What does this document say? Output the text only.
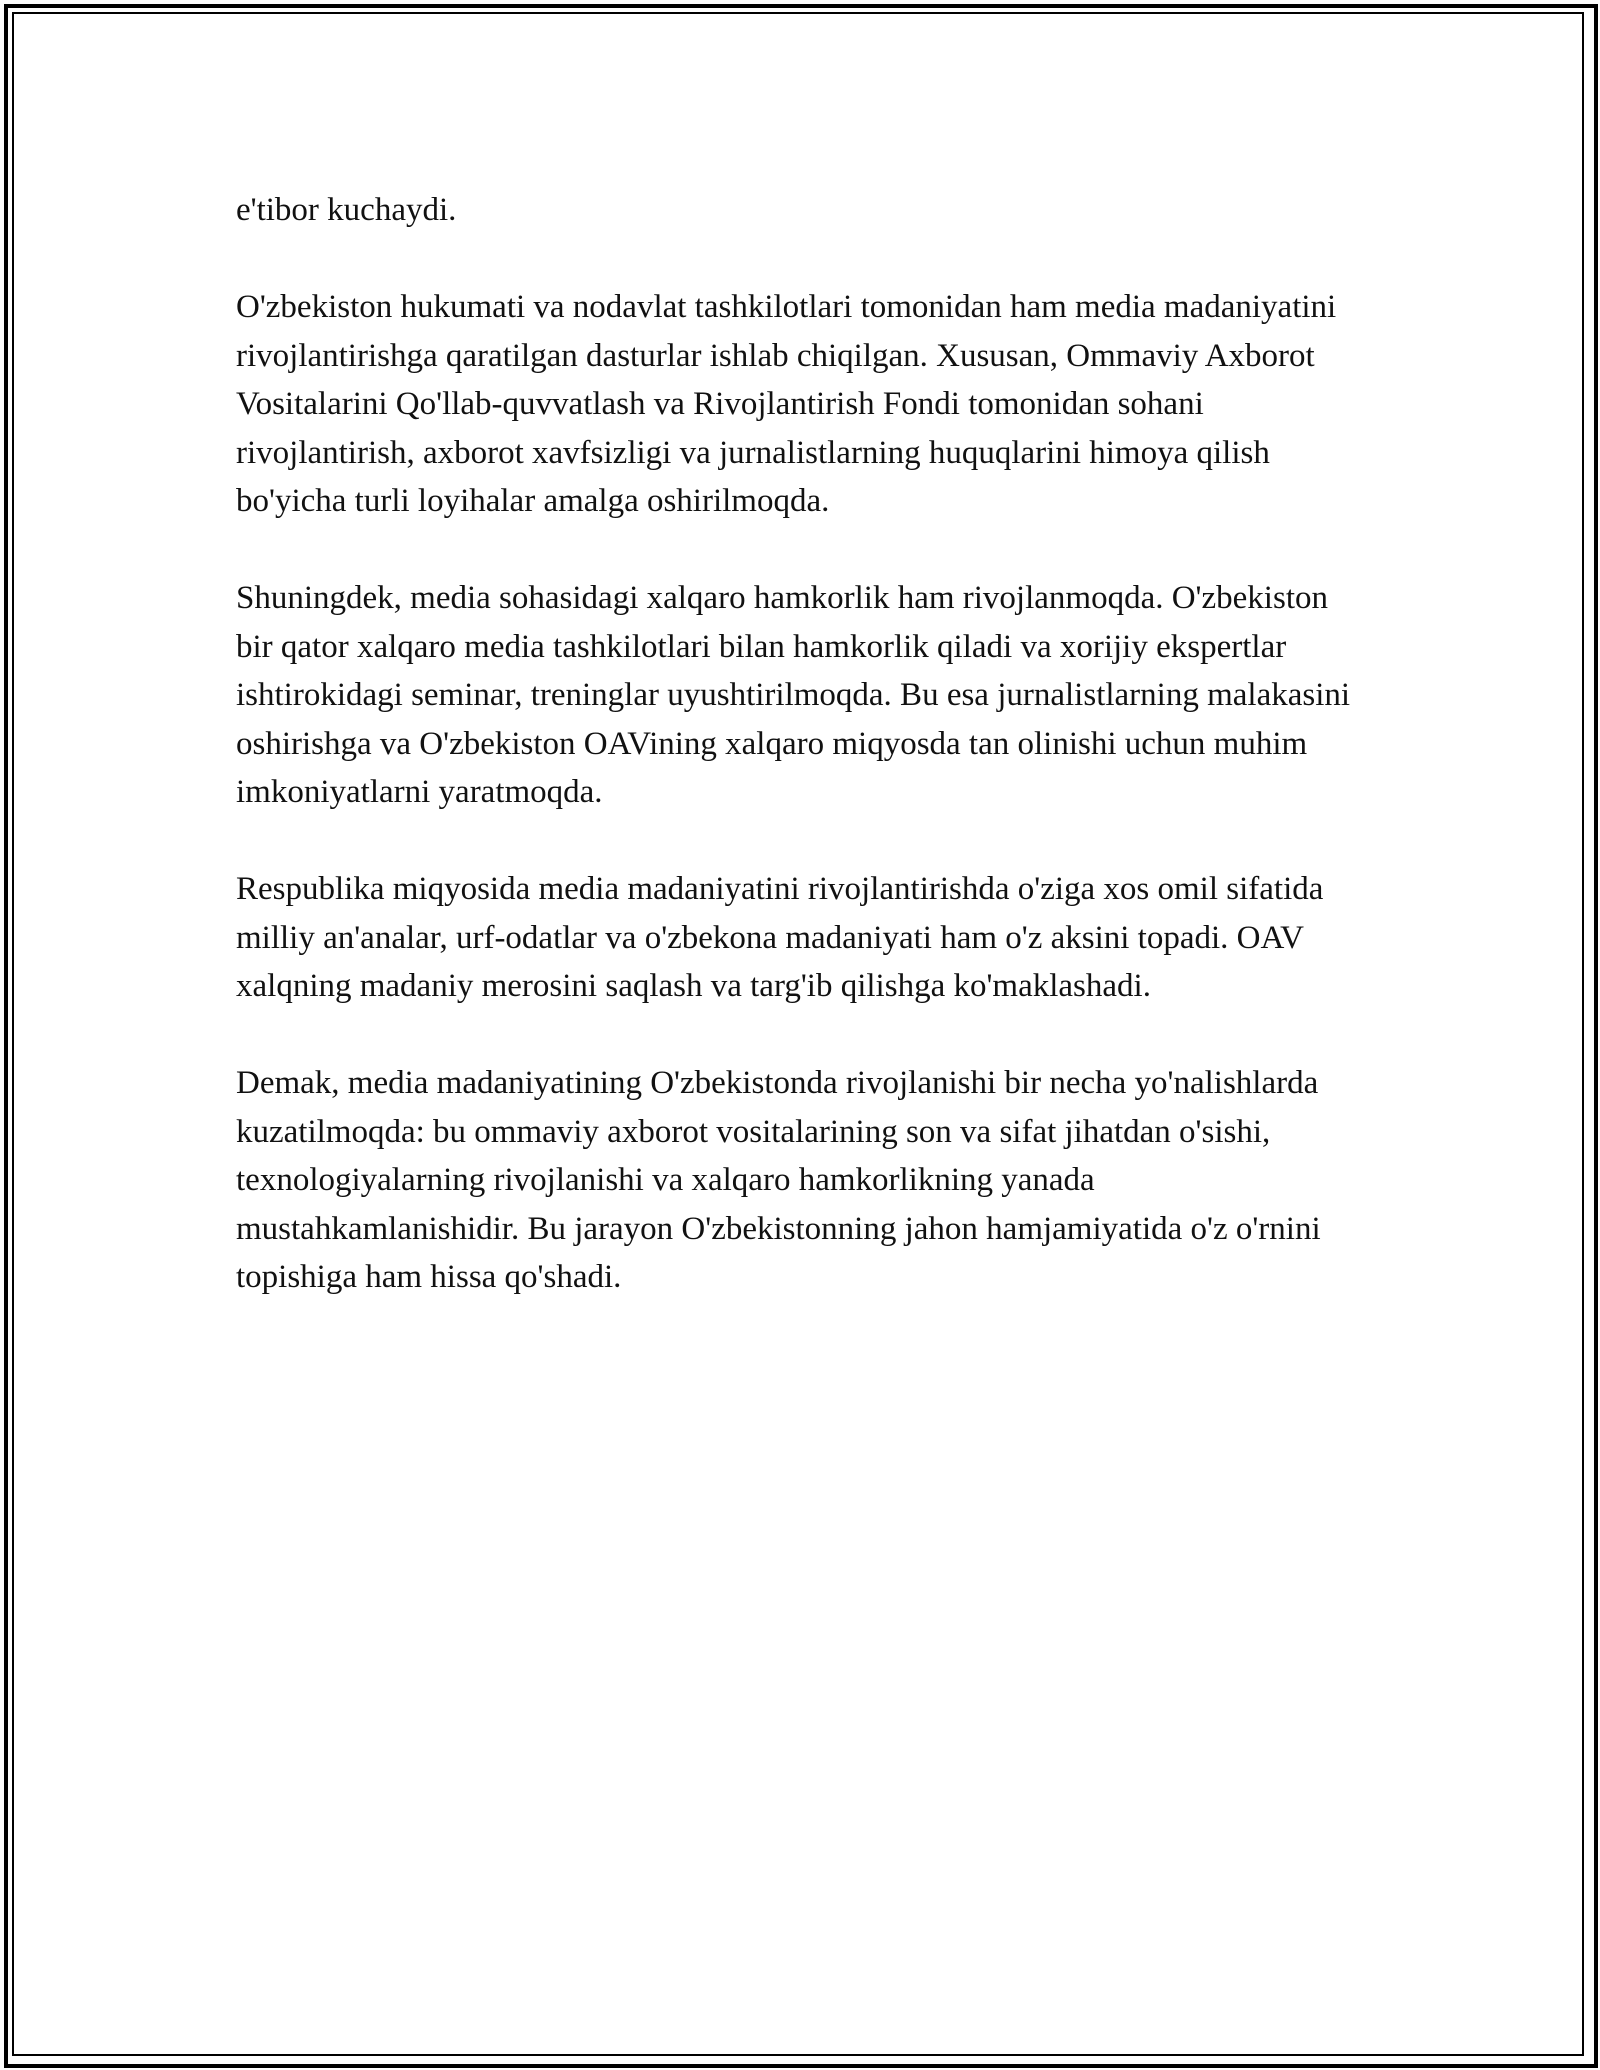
e'tibor kuchaydi.

O'zbekiston hukumati va nodavlat tashkilotlari tomonidan ham media madaniyatini rivojlantirishga qaratilgan dasturlar ishlab chiqilgan. Xususan, Ommaviy Axborot Vositalarini Qo'llab-quvvatlash va Rivojlantirish Fondi tomonidan sohani rivojlantirish, axborot xavfsizligi va jurnalistlarning huquqlarini himoya qilish bo'yicha turli loyihalar amalga oshirilmoqda.

Shuningdek, media sohasidagi xalqaro hamkorlik ham rivojlanmoqda. O'zbekiston bir qator xalqaro media tashkilotlari bilan hamkorlik qiladi va xorijiy ekspertlar ishtirokidagi seminar, treninglar uyushtirilmoqda. Bu esa jurnalistlarning malakasini oshirishga va O'zbekiston OAVining xalqaro miqyosda tan olinishi uchun muhim imkoniyatlarni yaratmoqda.

Respublika miqyosida media madaniyatini rivojlantirishda o'ziga xos omil sifatida milliy an'analar, urf-odatlar va o'zbekona madaniyati ham o'z aksini topadi. OAV xalqning madaniy merosini saqlash va targ'ib qilishga ko'maklashadi.

Demak, media madaniyatining O'zbekistonda rivojlanishi bir necha yo'nalishlarda kuzatilmoqda: bu ommaviy axborot vositalarining son va sifat jihatdan o'sishi, texnologiyalarning rivojlanishi va xalqaro hamkorlikning yanada mustahkamlanishidir. Bu jarayon O'zbekistonning jahon hamjamiyatida o'z o'rnini topishiga ham hissa qo'shadi.
